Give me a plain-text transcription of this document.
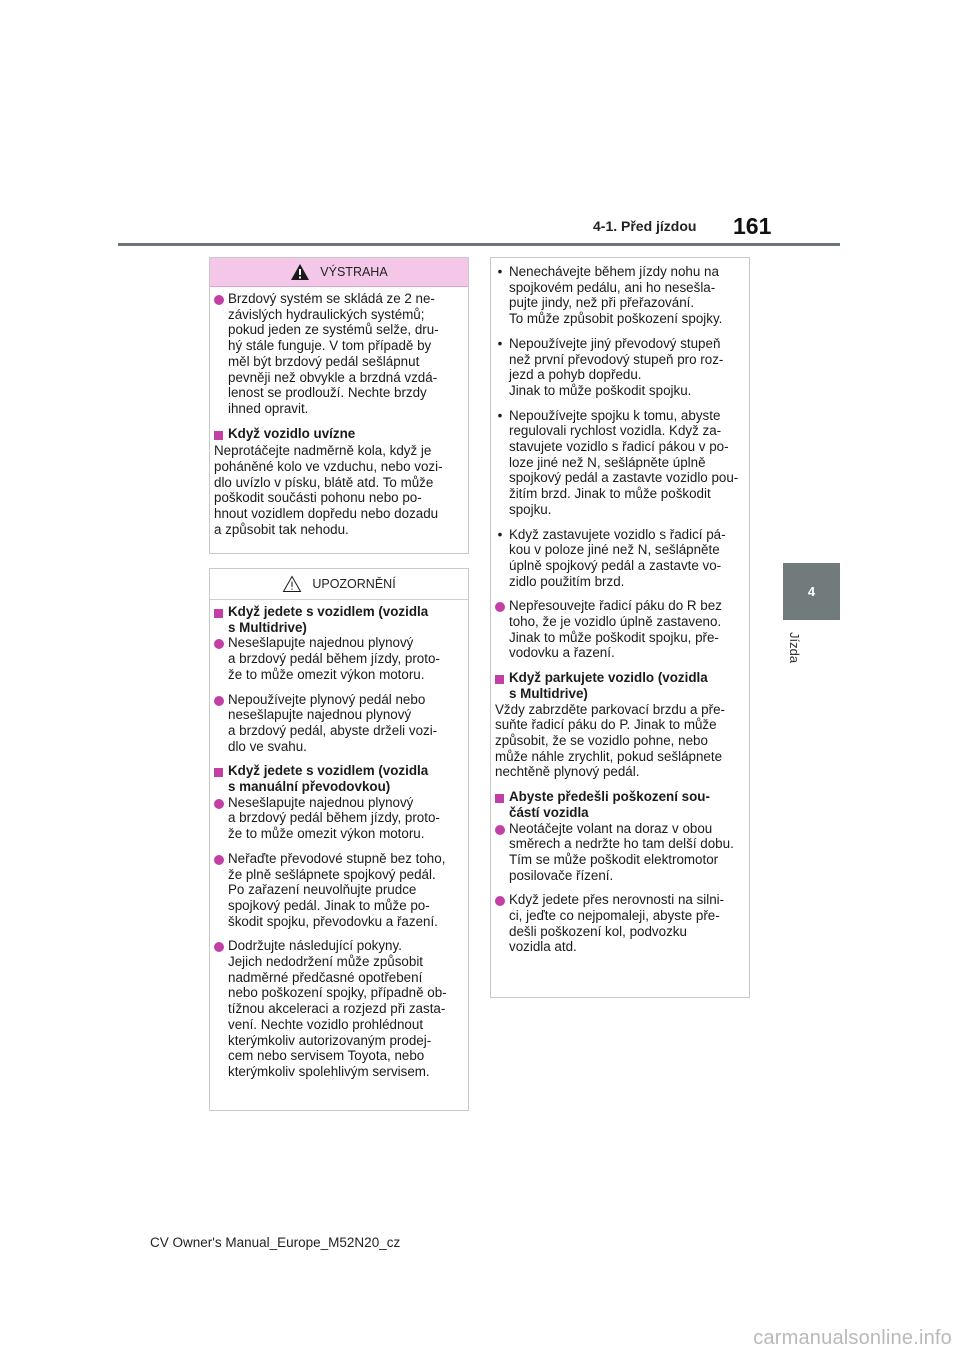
4-1. Před jízdou 161
4
Jízda
VÝSTRAHA
Brzdový systém se skládá ze 2 ne-
závislých hydraulických systémů;
pokud jeden ze systémů selže, dru-
hý stále funguje. V tom případě by
měl být brzdový pedál sešlápnut
pevněji než obvykle a brzdná vzdá-
lenost se prodlouží. Nechte brzdy
ihned opravit.
Když vozidlo uvízne
Neprotáčejte nadměrně kola, když je
poháněné kolo ve vzduchu, nebo vozi-
dlo uvízlo v písku, blátě atd. To může
poškodit součásti pohonu nebo po-
hnout vozidlem dopředu nebo dozadu
a způsobit tak nehodu.
UPOZORNĚNÍ
Když jedete s vozidlem (vozidla
s Multidrive)
Nesešlapujte najednou plynový
a brzdový pedál během jízdy, proto-
že to může omezit výkon motoru.
Nepoužívejte plynový pedál nebo
nesešlapujte najednou plynový
a brzdový pedál, abyste drželi vozi-
dlo ve svahu.
Když jedete s vozidlem (vozidla
s manuální převodovkou)
Nesešlapujte najednou plynový
a brzdový pedál během jízdy, proto-
že to může omezit výkon motoru.
Neřaďte převodové stupně bez toho,
že plně sešlápnete spojkový pedál.
Po zařazení neuvolňujte prudce
spojkový pedál. Jinak to může po-
škodit spojku, převodovku a řazení.
Dodržujte následující pokyny.
Jejich nedodržení může způsobit
nadměrné předčasné opotřebení
nebo poškození spojky, případně ob-
tížnou akceleraci a rozjezd při zasta-
vení. Nechte vozidlo prohlédnout
kterýmkoliv autorizovaným prodej-
cem nebo servisem Toyota, nebo
kterýmkoliv spolehlivým servisem.
• Nenechávejte během jízdy nohu na
spojkovém pedálu, ani ho nesešla-
pujte jindy, než při přeřazování.
To může způsobit poškození spojky.
• Nepoužívejte jiný převodový stupeň
než první převodový stupeň pro roz-
jezd a pohyb dopředu.
Jinak to může poškodit spojku.
• Nepoužívejte spojku k tomu, abyste
regulovali rychlost vozidla. Když za-
stavujete vozidlo s řadicí pákou v po-
loze jiné než N, sešlápněte úplně
spojkový pedál a zastavte vozidlo pou-
žitím brzd. Jinak to může poškodit
spojku.
• Když zastavujete vozidlo s řadicí pá-
kou v poloze jiné než N, sešlápněte
úplně spojkový pedál a zastavte vo-
zidlo použitím brzd.
Nepřesouvejte řadicí páku do R bez
toho, že je vozidlo úplně zastaveno.
Jinak to může poškodit spojku, pře-
vodovku a řazení.
Když parkujete vozidlo (vozidla
s Multidrive)
Vždy zabrzděte parkovací brzdu a pře-
suňte řadicí páku do P. Jinak to může
způsobit, že se vozidlo pohne, nebo
může náhle zrychlit, pokud sešlápnete
nechtěně plynový pedál.
Abyste předešli poškození sou-
částí vozidla
Neotáčejte volant na doraz v obou
směrech a nedržte ho tam delší dobu.
Tím se může poškodit elektromotor
posilovače řízení.
Když jedete přes nerovnosti na silni-
ci, jeďte co nejpomaleji, abyste pře-
dešli poškození kol, podvozku
vozidla atd.
CV Owner's Manual_Europe_M52N20_cz
carmanualsonline.info
